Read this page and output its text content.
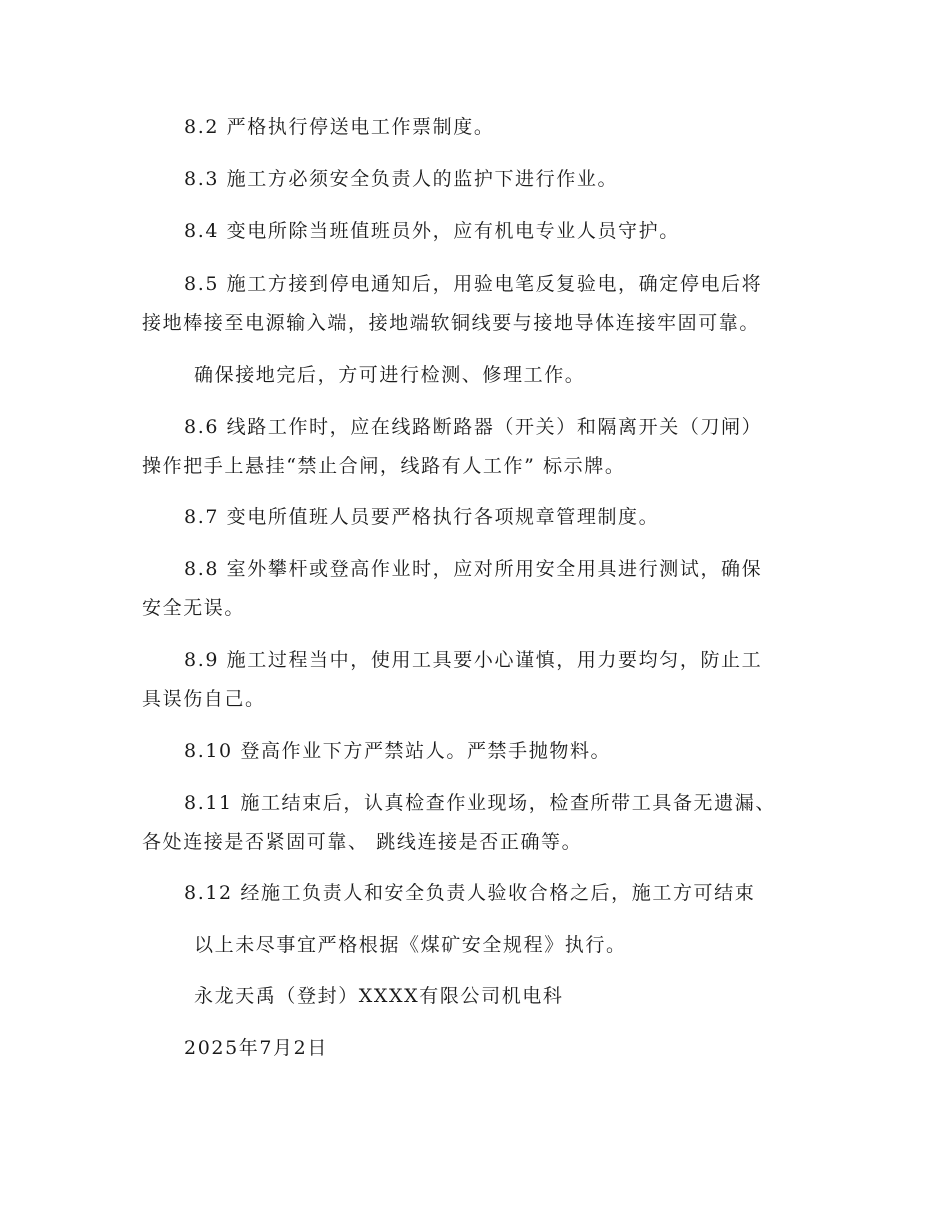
8.2 严格执行停送电工作票制度。
8.3 施工方必须安全负责人的监护下进行作业。
8.4 变电所除当班值班员外，应有机电专业人员守护。
8.5 施工方接到停电通知后，用验电笔反复验电，确定停电后将
接地棒接至电源输入端，接地端软铜线要与接地导体连接牢固可靠。
确保接地完后，方可进行检测、修理工作。
8.6 线路工作时，应在线路断路器（开关）和隔离开关（刀闸）
操作把手上悬挂“禁止合闸，线路有人工作” 标示牌。
8.7 变电所值班人员要严格执行各项规章管理制度。
8.8 室外攀杆或登高作业时，应对所用安全用具进行测试，确保
安全无误。
8.9 施工过程当中，使用工具要小心谨慎，用力要均匀，防止工
具误伤自己。
8.10 登高作业下方严禁站人。严禁手抛物料。
8.11 施工结束后，认真检查作业现场，检查所带工具备无遗漏、
各处连接是否紧固可靠、 跳线连接是否正确等。
8.12 经施工负责人和安全负责人验收合格之后，施工方可结束
以上未尽事宜严格根据《煤矿安全规程》执行。
永龙天禹（登封）XXXX有限公司机电科
2025年7月2日
